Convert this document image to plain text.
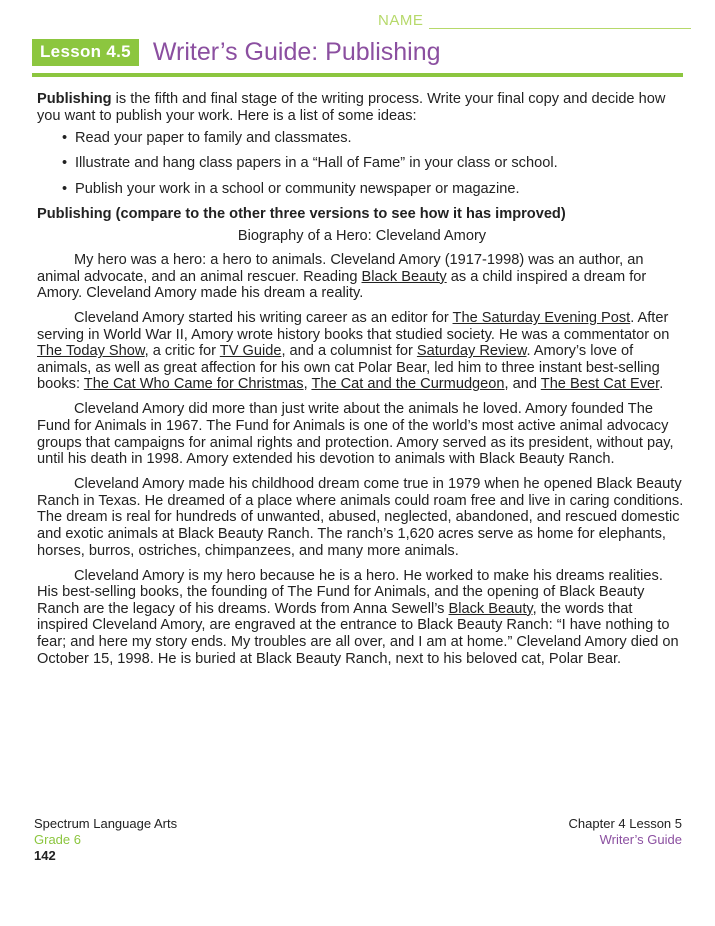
NAME
Lesson 4.5 Writer’s Guide: Publishing

Publishing is the fifth and final stage of the writing process. Write your final copy and decide how you want to publish your work. Here is a list of some ideas:

• Read your paper to family and classmates.
• Illustrate and hang class papers in a “Hall of Fame” in your class or school.
• Publish your work in a school or community newspaper or magazine.

Publishing (compare to the other three versions to see how it has improved)

Biography of a Hero: Cleveland Amory

My hero was a hero: a hero to animals. Cleveland Amory (1917-1998) was an author, an animal advocate, and an animal rescuer. Reading Black Beauty as a child inspired a dream for Amory. Cleveland Amory made his dream a reality.

Cleveland Amory started his writing career as an editor for The Saturday Evening Post. After serving in World War II, Amory wrote history books that studied society. He was a commentator on The Today Show, a critic for TV Guide, and a columnist for Saturday Review. Amory’s love of animals, as well as great affection for his own cat Polar Bear, led him to three instant best-selling books: The Cat Who Came for Christmas, The Cat and the Curmudgeon, and The Best Cat Ever.

Cleveland Amory did more than just write about the animals he loved. Amory founded The Fund for Animals in 1967. The Fund for Animals is one of the world’s most active animal advocacy groups that campaigns for animal rights and protection. Amory served as its president, without pay, until his death in 1998. Amory extended his devotion to animals with Black Beauty Ranch.

Cleveland Amory made his childhood dream come true in 1979 when he opened Black Beauty Ranch in Texas. He dreamed of a place where animals could roam free and live in caring conditions. The dream is real for hundreds of unwanted, abused, neglected, abandoned, and rescued domestic and exotic animals at Black Beauty Ranch. The ranch’s 1,620 acres serve as home for elephants, horses, burros, ostriches, chimpanzees, and many more animals.

Cleveland Amory is my hero because he is a hero. He worked to make his dreams realities. His best-selling books, the founding of The Fund for Animals, and the opening of Black Beauty Ranch are the legacy of his dreams. Words from Anna Sewell’s Black Beauty, the words that inspired Cleveland Amory, are engraved at the entrance to Black Beauty Ranch: “I have nothing to fear; and here my story ends. My troubles are all over, and I am at home.” Cleveland Amory died on October 15, 1998. He is buried at Black Beauty Ranch, next to his beloved cat, Polar Bear.

Spectrum Language Arts
Grade 6
142
Chapter 4 Lesson 5
Writer’s Guide
